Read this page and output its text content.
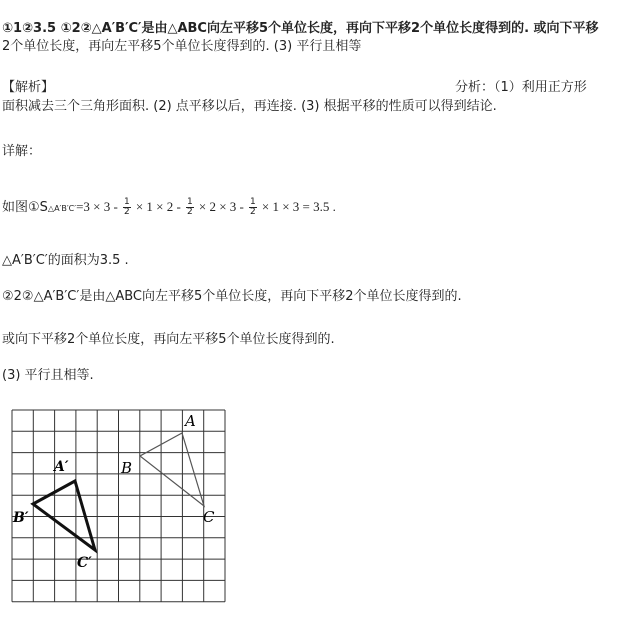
①1②3.5 ①2②△A′B′C′是由△ABC向左平移5个单位长度，再向下平移2个单位长度得到的. 或向下平移
2个单位长度，再向左平移5个单位长度得到的. (3) 平行且相等
【解析】	分析：（1）利用正方形
面积减去三个三角形面积. (2) 点平移以后，再连接. (3) 根据平移的性质可以得到结论.
详解：
如图①S△A′B′C′=3 × $3 - \frac{1}{2} \times 1 \times 2 - \frac{1}{2} \times 2 \times 3 - \frac{1}{2} \times 1 \times 3 = 3.5$ .
△A′B′C′的面积为3.5 .
②2②△A′B′C′是由△ABC向左平移5个单位长度，再向下平移2个单位长度得到的.
或向下平移2个单位长度，再向左平移5个单位长度得到的.
(3) 平行且相等.
A
B
C
A′
B′
C′
